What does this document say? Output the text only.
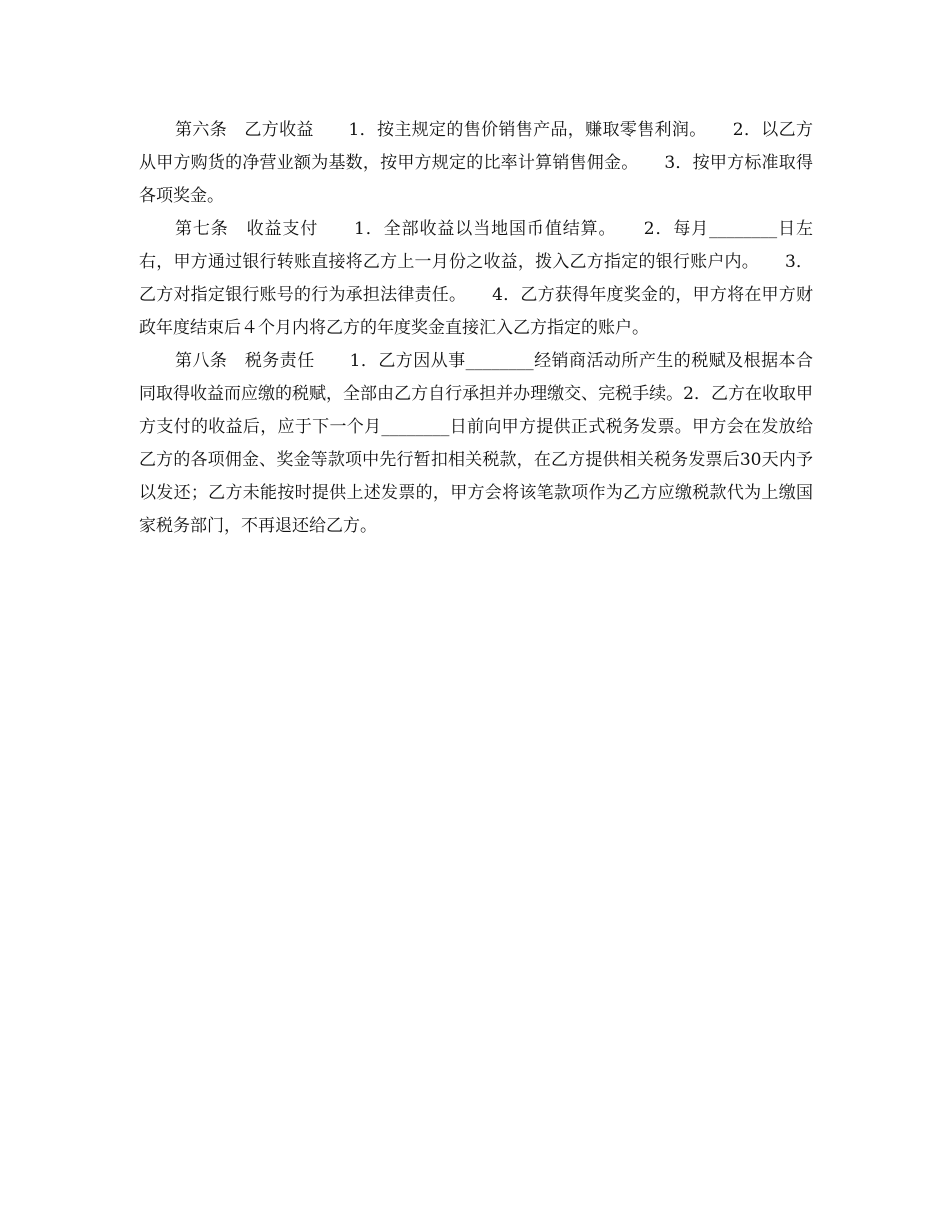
第六条　乙方收益　　1．按主规定的售价销售产品，赚取零售利润。　　2．以乙方从甲方购货的净营业额为基数，按甲方规定的比率计算销售佣金。　　3．按甲方标准取得各项奖金。

第七条　收益支付　　1．全部收益以当地国币值结算。　　2．每月________日左右，甲方通过银行转账直接将乙方上一月份之收益，拨入乙方指定的银行账户内。　　3．乙方对指定银行账号的行为承担法律责任。　　4．乙方获得年度奖金的，甲方将在甲方财政年度结束后４个月内将乙方的年度奖金直接汇入乙方指定的账户。

第八条　税务责任　　1．乙方因从事________经销商活动所产生的税赋及根据本合同取得收益而应缴的税赋，全部由乙方自行承担并办理缴交、完税手续。2．乙方在收取甲方支付的收益后，应于下一个月________日前向甲方提供正式税务发票。甲方会在发放给乙方的各项佣金、奖金等款项中先行暂扣相关税款，在乙方提供相关税务发票后30天内予以发还；乙方未能按时提供上述发票的，甲方会将该笔款项作为乙方应缴税款代为上缴国家税务部门，不再退还给乙方。
